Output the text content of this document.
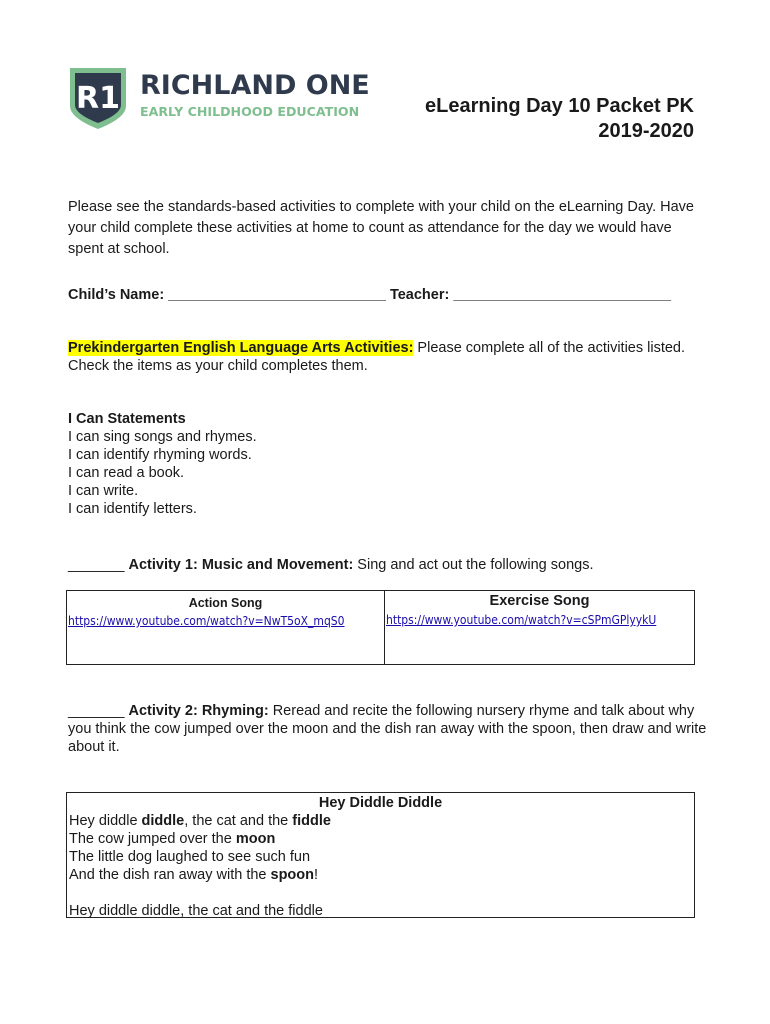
R1 RICHLAND ONE
EARLY CHILDHOOD EDUCATION	eLearning Day 10 Packet PK
2019-2020
Please see the standards-based activities to complete with your child on the eLearning Day. Have your child complete these activities at home to count as attendance for the day we would have spent at school.
Child’s Name: ___________________________ Teacher: ___________________________
Prekindergarten English Language Arts Activities: Please complete all of the activities listed. Check the items as your child completes them.
I Can Statements
I can sing songs and rhymes.
I can identify rhyming words.
I can read a book.
I can write.
I can identify letters.
_______ Activity 1: Music and Movement: Sing and act out the following songs.
Action Song
https://www.youtube.com/watch?v=NwT5oX_mqS0
Exercise Song
https://www.youtube.com/watch?v=cSPmGPlyykU
_______ Activity 2: Rhyming: Reread and recite the following nursery rhyme and talk about why you think the cow jumped over the moon and the dish ran away with the spoon, then draw and write about it.
Hey Diddle Diddle

Hey diddle diddle, the cat and the fiddle

The cow jumped over the moon

The little dog laughed to see such fun

And the dish ran away with the spoon!

Hey diddle diddle, the cat and the fiddle
